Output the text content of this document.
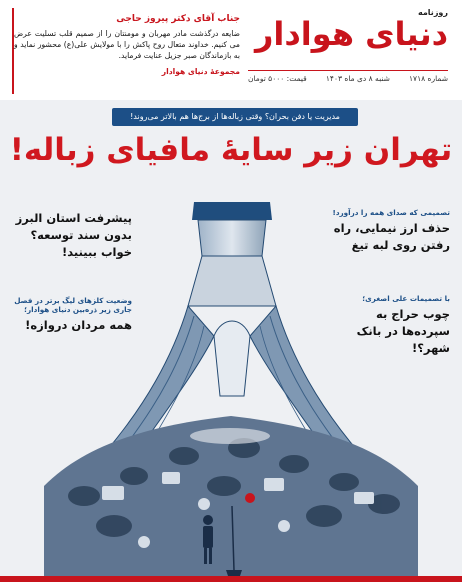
روزنامه
دنیای هوادار
شماره ۱۷۱۸
شنبه ۸ دی ماه ۱۴۰۳
قیمت: ۵۰۰۰ تومان
جناب آقای دکتر پیروز حاجی
ضایعه درگذشت مادر مهربان و مومنتان را از صمیم قلب تسلیت عرض می کنیم. خداوند متعال روح پاکش را با مولایش علی(ع) محشور نماید و به بازماندگان صبر جزیل عنایت فرماید.
مجموعهٔ دنیای هوادار
مدیریت یا دفن بحران؟ وقتی زباله‌ها از برج‌ها هم بالاتر می‌روند!
تهران زیر سایهٔ مافیای زباله!
تصمیمی که صدای همه را درآورد!
حذف ارز نیمایی، راه رفتن روی لبه تیغ
با تصمیمات علی اصغری؛
چوب حراج به سپرده‌ها در بانک شهر؟!
پیشرفت استان البرز بدون سند توسعه؟ خواب ببینید!
وضعیت کلزهای لیگ برتر در فصل جاری زیر ذره‌بین دنیای هوادار؛
همه مردان دروازه!
